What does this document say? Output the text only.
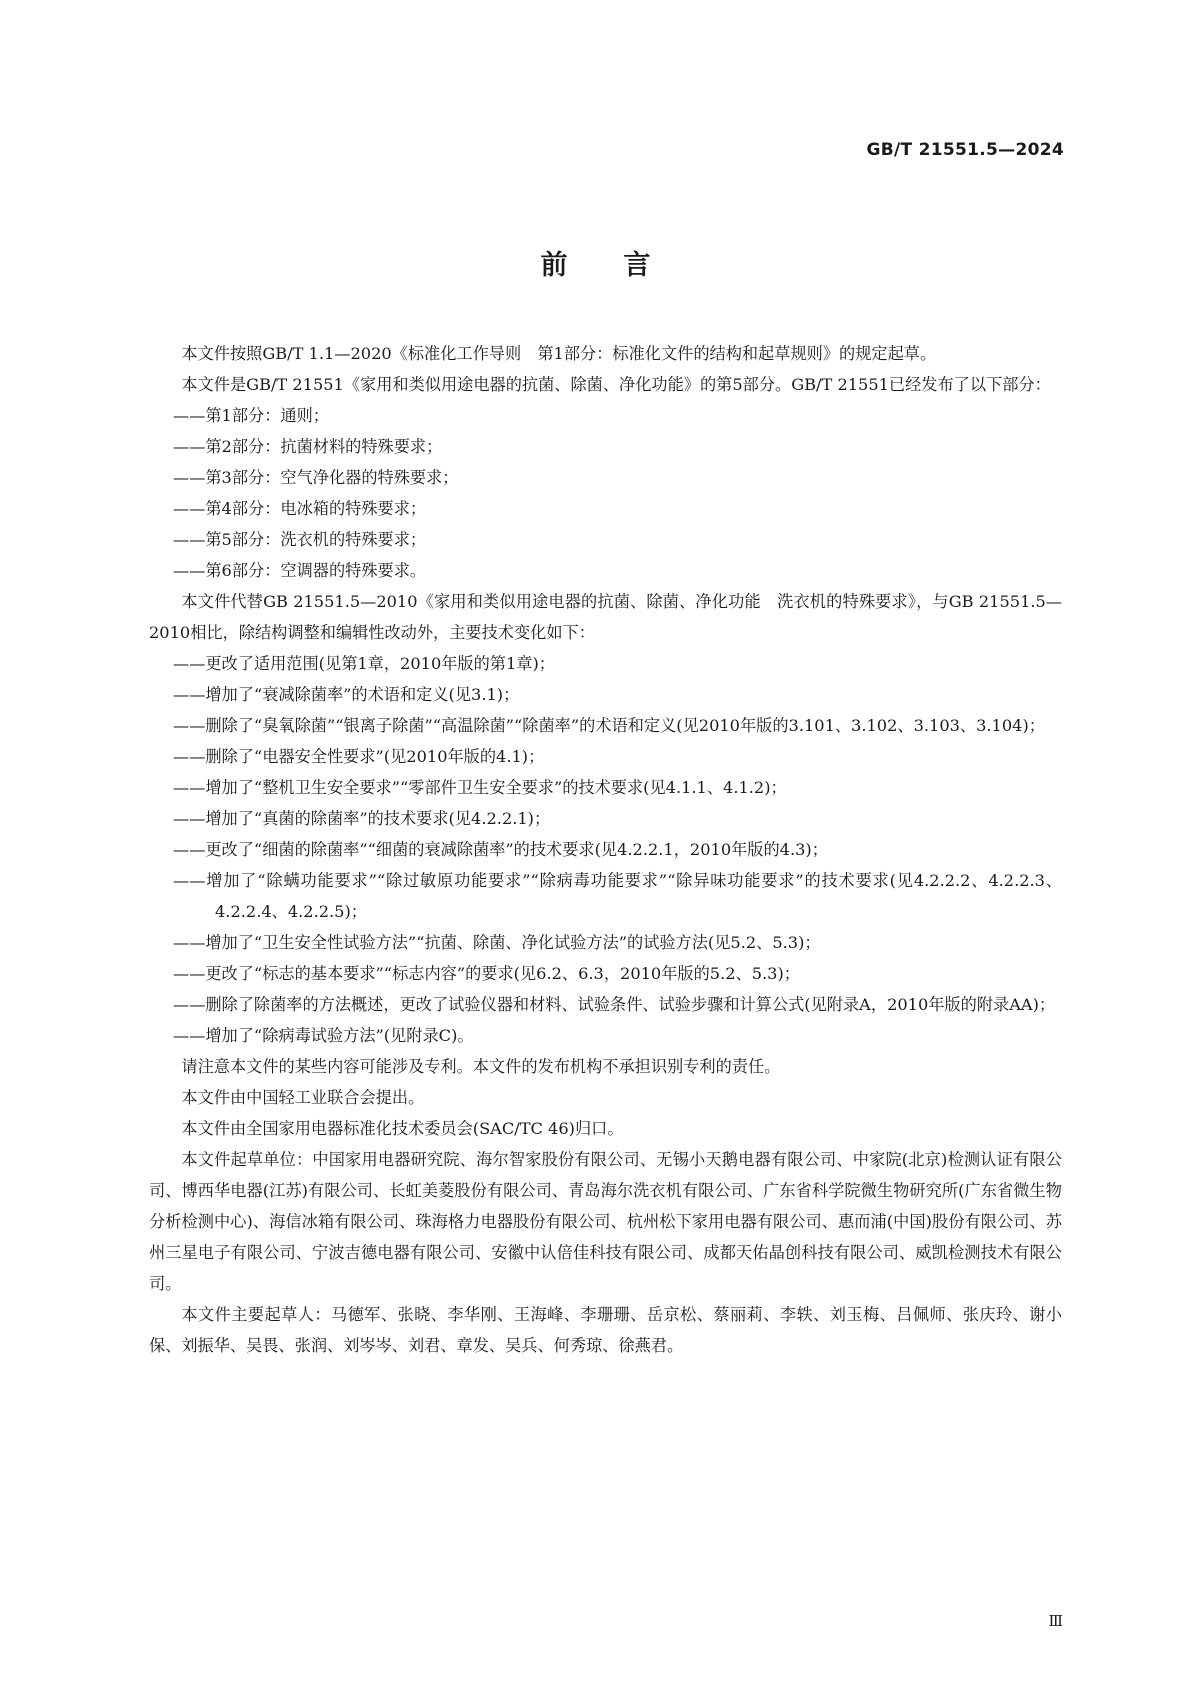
GB/T 21551.5—2024
前言

本文件按照GB/T 1.1—2020《标准化工作导则　第1部分：标准化文件的结构和起草规则》的规定起草。

本文件是GB/T 21551《家用和类似用途电器的抗菌、除菌、净化功能》的第5部分。GB/T 21551已经发布了以下部分：

——第1部分：通则；

——第2部分：抗菌材料的特殊要求；

——第3部分：空气净化器的特殊要求；

——第4部分：电冰箱的特殊要求；

——第5部分：洗衣机的特殊要求；

——第6部分：空调器的特殊要求。

本文件代替GB 21551.5—2010《家用和类似用途电器的抗菌、除菌、净化功能　洗衣机的特殊要求》，与GB 21551.5—2010相比，除结构调整和编辑性改动外，主要技术变化如下：

——更改了适用范围(见第1章，2010年版的第1章)；

——增加了“衰减除菌率”的术语和定义(见3.1)；

——删除了“臭氧除菌”“银离子除菌”“高温除菌”“除菌率”的术语和定义(见2010年版的3.101、3.102、3.103、3.104)；

——删除了“电器安全性要求”(见2010年版的4.1)；

——增加了“整机卫生安全要求”“零部件卫生安全要求”的技术要求(见4.1.1、4.1.2)；

——增加了“真菌的除菌率”的技术要求(见4.2.2.1)；

——更改了“细菌的除菌率”“细菌的衰减除菌率”的技术要求(见4.2.2.1，2010年版的4.3)；

——增加了“除螨功能要求”“除过敏原功能要求”“除病毒功能要求”“除异味功能要求”的技术要求(见4.2.2.2、4.2.2.3、4.2.2.4、4.2.2.5)；

——增加了“卫生安全性试验方法”“抗菌、除菌、净化试验方法”的试验方法(见5.2、5.3)；

——更改了“标志的基本要求”“标志内容”的要求(见6.2、6.3，2010年版的5.2、5.3)；

——删除了除菌率的方法概述，更改了试验仪器和材料、试验条件、试验步骤和计算公式(见附录A，2010年版的附录AA)；

——增加了“除病毒试验方法”(见附录C)。

请注意本文件的某些内容可能涉及专利。本文件的发布机构不承担识别专利的责任。

本文件由中国轻工业联合会提出。

本文件由全国家用电器标准化技术委员会(SAC/TC 46)归口。

本文件起草单位：中国家用电器研究院、海尔智家股份有限公司、无锡小天鹅电器有限公司、中家院(北京)检测认证有限公司、博西华电器(江苏)有限公司、长虹美菱股份有限公司、青岛海尔洗衣机有限公司、广东省科学院微生物研究所(广东省微生物分析检测中心)、海信冰箱有限公司、珠海格力电器股份有限公司、杭州松下家用电器有限公司、惠而浦(中国)股份有限公司、苏州三星电子有限公司、宁波吉德电器有限公司、安徽中认倍佳科技有限公司、成都天佑晶创科技有限公司、威凯检测技术有限公司。

本文件主要起草人：马德军、张晓、李华刚、王海峰、李珊珊、岳京松、蔡丽莉、李轶、刘玉梅、吕佩师、张庆玲、谢小保、刘振华、吴畏、张润、刘岑岑、刘君、章发、吴兵、何秀琼、徐燕君。

Ⅲ
